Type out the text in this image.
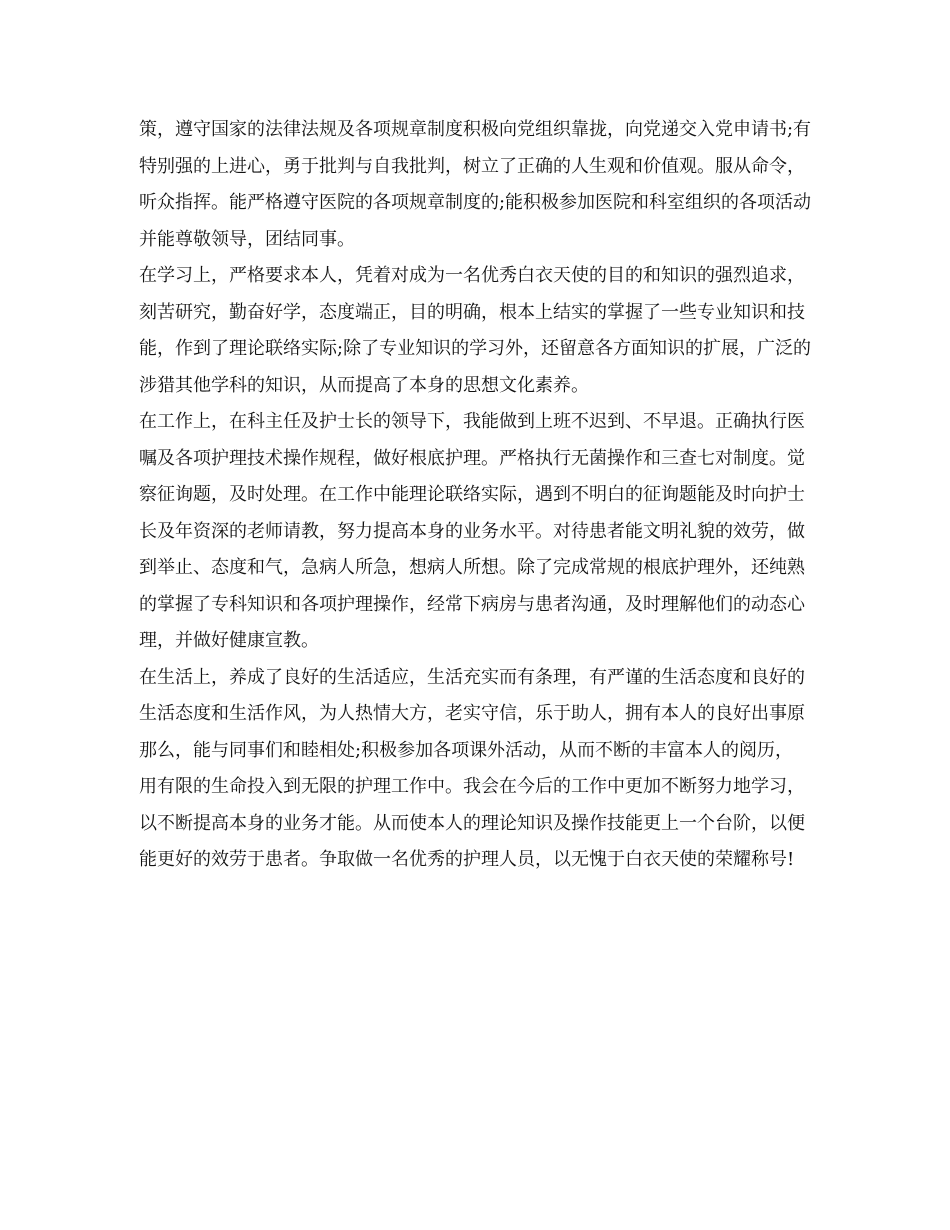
策，遵守国家的法律法规及各项规章制度积极向党组织靠拢，向党递交入党申请书;有特别强的上进心，勇于批判与自我批判，树立了正确的人生观和价值观。服从命令，听众指挥。能严格遵守医院的各项规章制度的;能积极参加医院和科室组织的各项活动并能尊敬领导，团结同事。

在学习上，严格要求本人，凭着对成为一名优秀白衣天使的目的和知识的强烈追求，刻苦研究，勤奋好学，态度端正，目的明确，根本上结实的掌握了一些专业知识和技能，作到了理论联络实际;除了专业知识的学习外，还留意各方面知识的扩展，广泛的涉猎其他学科的知识，从而提高了本身的思想文化素养。

在工作上，在科主任及护士长的领导下，我能做到上班不迟到、不早退。正确执行医嘱及各项护理技术操作规程，做好根底护理。严格执行无菌操作和三查七对制度。觉察征询题，及时处理。在工作中能理论联络实际，遇到不明白的征询题能及时向护士长及年资深的老师请教，努力提高本身的业务水平。对待患者能文明礼貌的效劳，做到举止、态度和气，急病人所急，想病人所想。除了完成常规的根底护理外，还纯熟的掌握了专科知识和各项护理操作，经常下病房与患者沟通，及时理解他们的动态心理，并做好健康宣教。

在生活上，养成了良好的生活适应，生活充实而有条理，有严谨的生活态度和良好的生活态度和生活作风，为人热情大方，老实守信，乐于助人，拥有本人的良好出事原那么，能与同事们和睦相处;积极参加各项课外活动，从而不断的丰富本人的阅历，

用有限的生命投入到无限的护理工作中。我会在今后的工作中更加不断努力地学习，以不断提高本身的业务才能。从而使本人的理论知识及操作技能更上一个台阶，以便能更好的效劳于患者。争取做一名优秀的护理人员，以无愧于白衣天使的荣耀称号!
